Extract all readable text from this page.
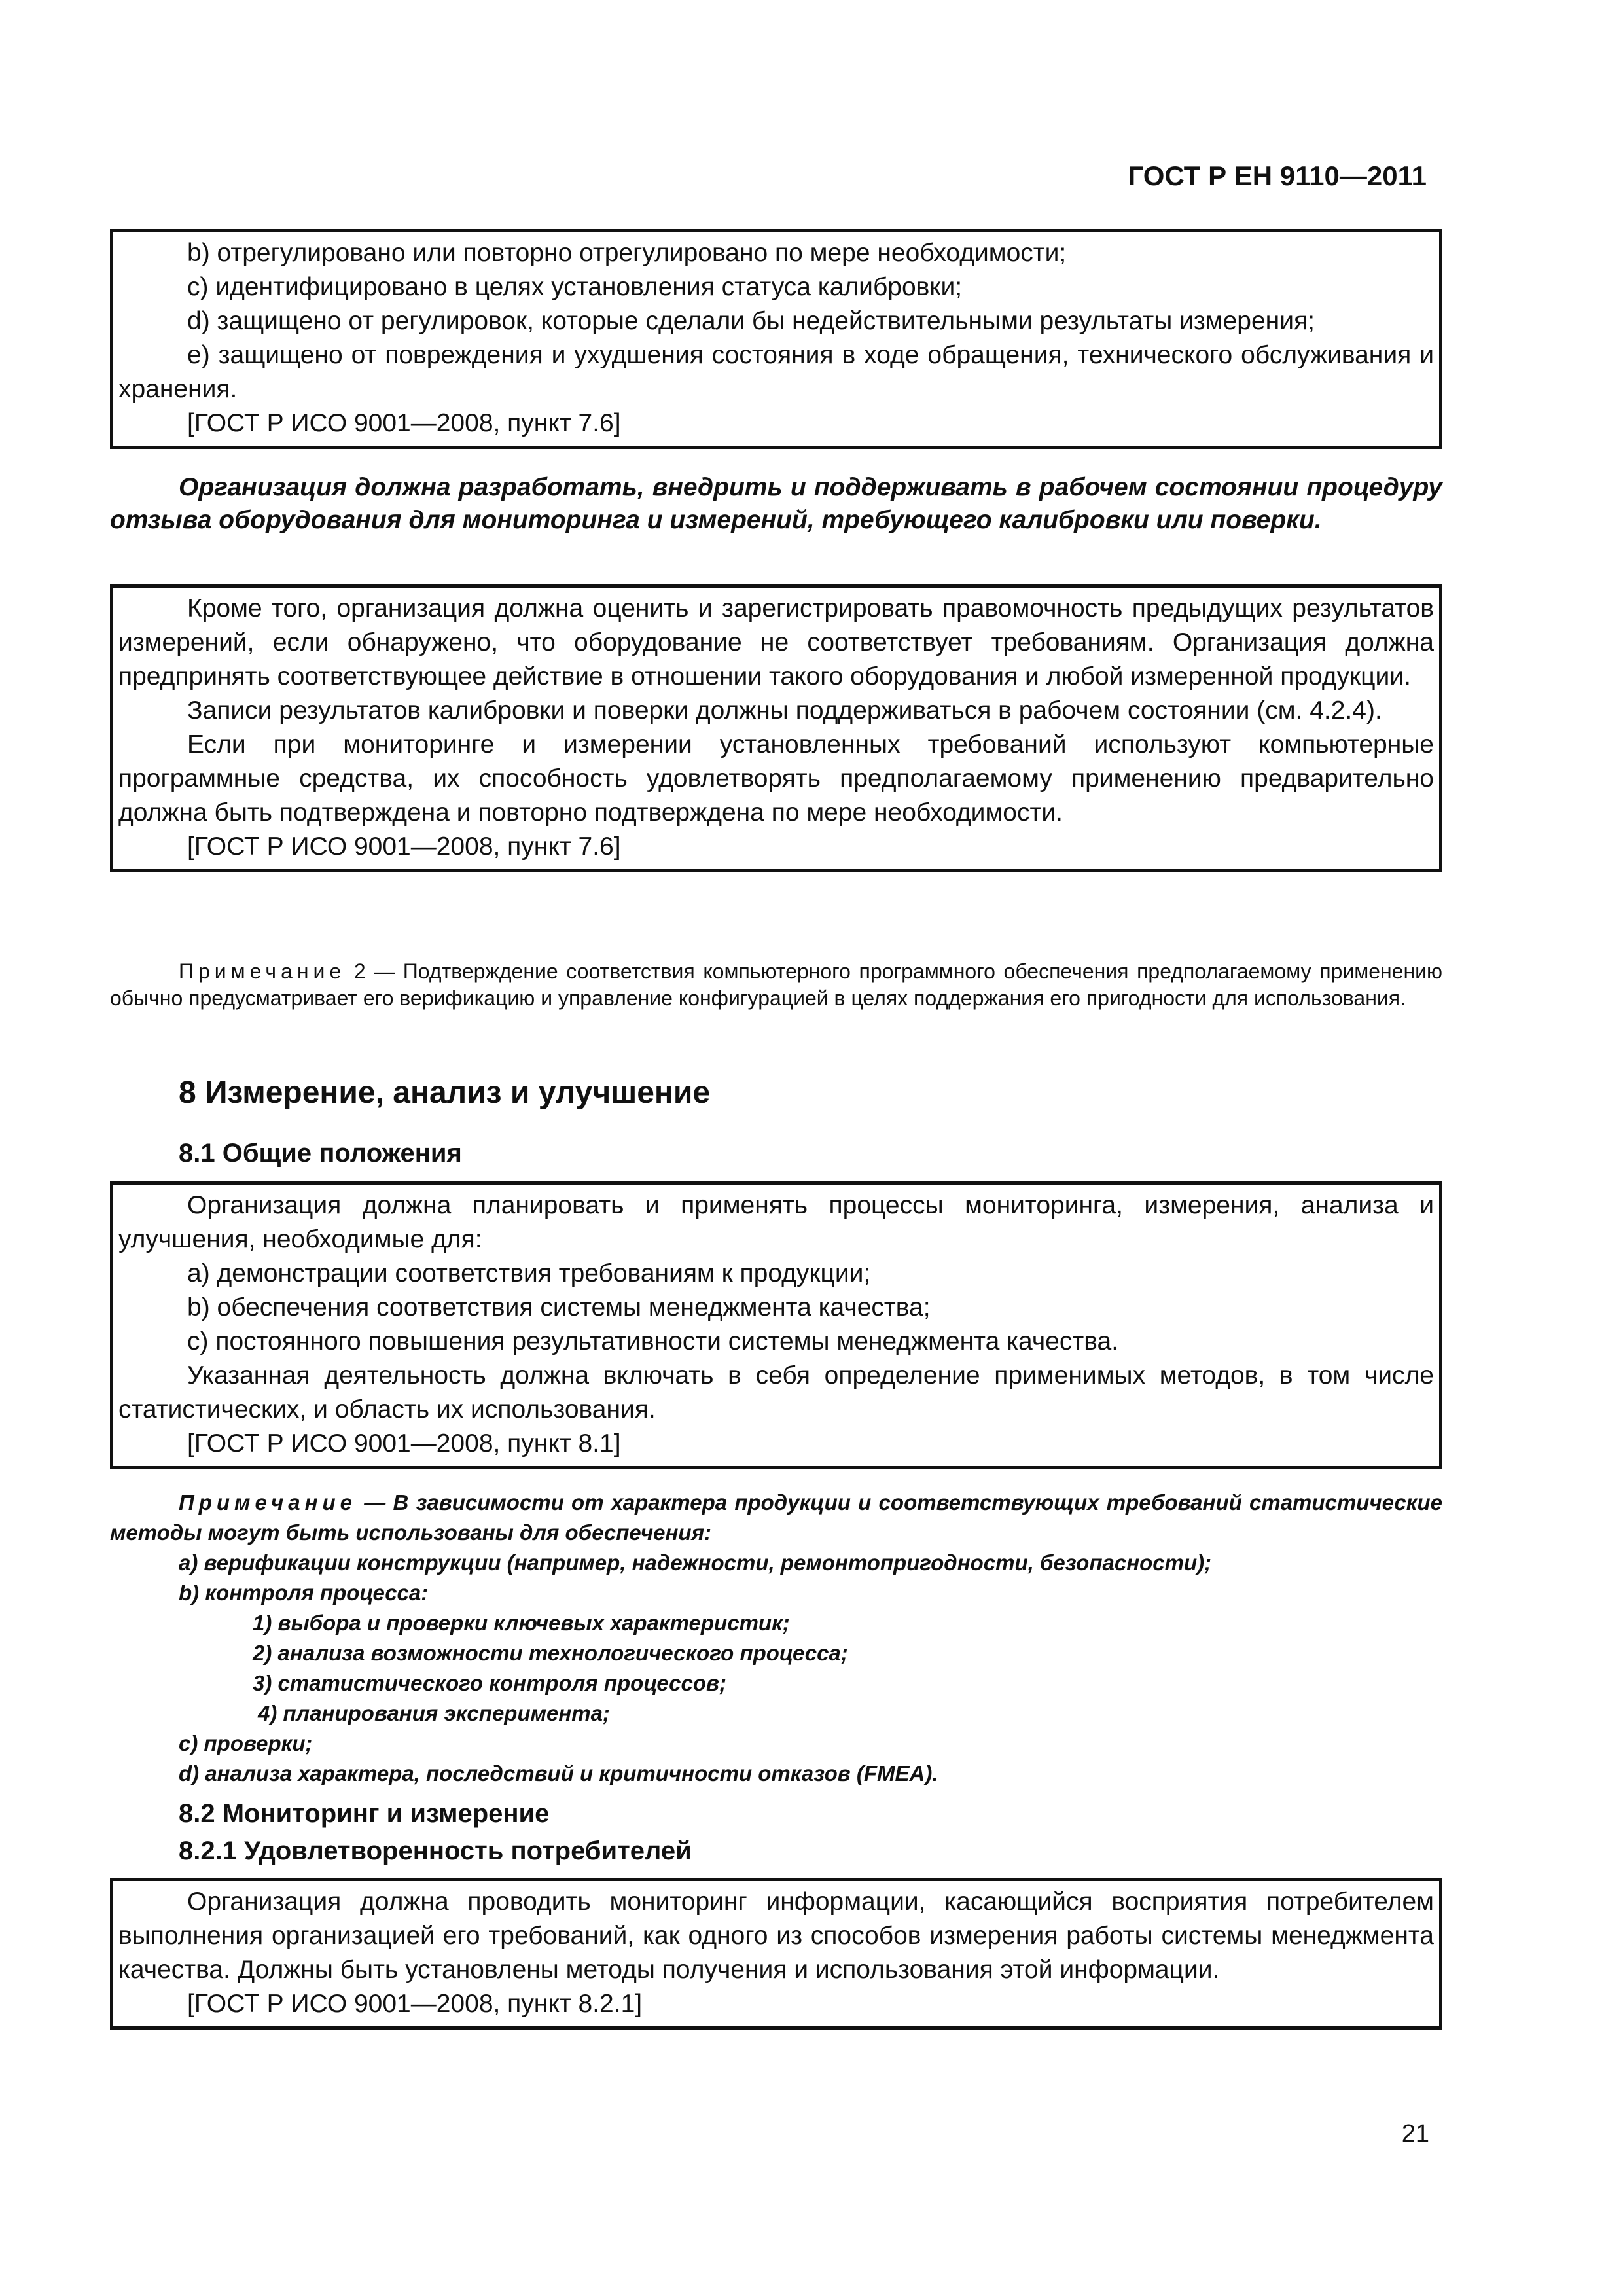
ГОСТ Р ЕН 9110—2011

b) отрегулировано или повторно отрегулировано по мере необходимости;

c) идентифицировано в целях установления статуса калибровки;

d) защищено от регулировок, которые сделали бы недействительными результаты измерения;

e) защищено от повреждения и ухудшения состояния в ходе обращения, технического обслуживания и хранения.

[ГОСТ Р ИСО 9001—2008, пункт 7.6]

Организация должна разработать, внедрить и поддерживать в рабочем состоянии процедуру отзыва оборудования для мониторинга и измерений, требующего калибровки или поверки.

Кроме того, организация должна оценить и зарегистрировать правомочность предыдущих результатов измерений, если обнаружено, что оборудование не соответствует требованиям. Организация должна предпринять соответствующее действие в отношении такого оборудования и любой измеренной продукции.

Записи результатов калибровки и поверки должны поддерживаться в рабочем состоянии (см. 4.2.4).

Если при мониторинге и измерении установленных требований используют компьютерные программные средства, их способность удовлетворять предполагаемому применению предварительно должна быть подтверждена и повторно подтверждена по мере необходимости.

[ГОСТ Р ИСО 9001—2008, пункт 7.6]

Примечание 2 — Подтверждение соответствия компьютерного программного обеспечения предполагаемому применению обычно предусматривает его верификацию и управление конфигурацией в целях поддержания его пригодности для использования.

8 Измерение, анализ и улучшение
8.1 Общие положения

Организация должна планировать и применять процессы мониторинга, измерения, анализа и улучшения, необходимые для:

a) демонстрации соответствия требованиям к продукции;

b) обеспечения соответствия системы менеджмента качества;

c) постоянного повышения результативности системы менеджмента качества.

Указанная деятельность должна включать в себя определение применимых методов, в том числе статистических, и область их использования.

[ГОСТ Р ИСО 9001—2008, пункт 8.1]

Примечание — В зависимости от характера продукции и соответствующих требований статистические методы могут быть использованы для обеспечения:

a) верификации конструкции (например, надежности, ремонтопригодности, безопасности);

b) контроля процесса:

1) выбора и проверки ключевых характеристик;

2) анализа возможности технологического процесса;

3) статистического контроля процессов;

4) планирования эксперимента;

c) проверки;

d) анализа характера, последствий и критичности отказов (FMEA).

8.2 Мониторинг и измерение
8.2.1 Удовлетворенность потребителей

Организация должна проводить мониторинг информации, касающийся восприятия потребителем выполнения организацией его требований, как одного из способов измерения работы системы менеджмента качества. Должны быть установлены методы получения и использования этой информации.

[ГОСТ Р ИСО 9001—2008, пункт 8.2.1]

21
